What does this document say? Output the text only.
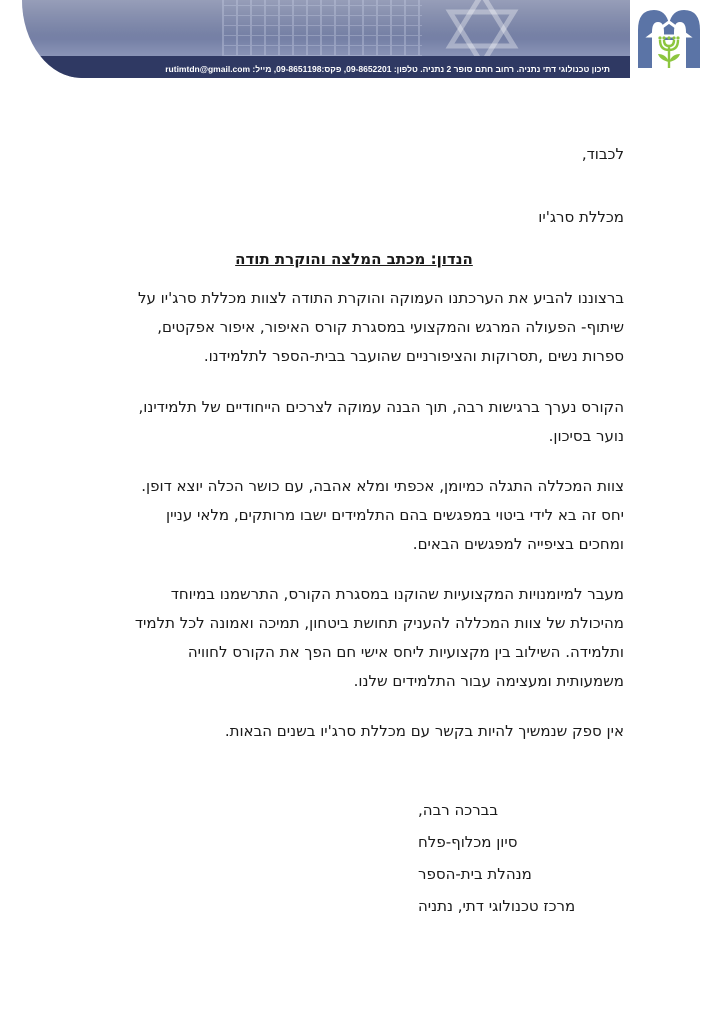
תיכון טכנולוגי דתי נתניה. רחוב חתם סופר 2 נתניה. טלפון: 09-8652201, פקס:09-8651198, מייל: rutimtdn@gmail.com
לכבוד,
מכללת סרג'יו
הנדון: מכתב המלצה והוקרת תודה
ברצוננו להביע את הערכתנו העמוקה והוקרת התודה לצוות מכללת סרג'יו על
שיתוף- הפעולה המרגש והמקצועי במסגרת קורס האיפור, איפור אפקטים,
ספרות נשים ,תסרוקות והציפורניים שהועבר בבית-הספר לתלמידנו.
הקורס נערך ברגישות רבה, תוך הבנה עמוקה לצרכים הייחודיים של תלמידינו,
נוער בסיכון.
צוות המכללה התגלה כמיומן, אכפתי ומלא אהבה, עם כושר הכלה יוצא דופן.
יחס זה בא לידי ביטוי במפגשים בהם התלמידים ישבו מרותקים, מלאי עניין
ומחכים בציפייה למפגשים הבאים.
מעבר למיומנויות המקצועיות שהוקנו במסגרת הקורס, התרשמנו במיוחד
מהיכולת של צוות המכללה להעניק תחושת ביטחון, תמיכה ואמונה לכל תלמיד
ותלמידה. השילוב בין מקצועיות ליחס אישי חם הפך את הקורס לחוויה
משמעותית ומעצימה עבור התלמידים שלנו.
אין ספק שנמשיך להיות בקשר עם מכללת סרג'יו בשנים הבאות.
בברכה רבה,
סיון מכלוף-פלח
מנהלת בית-הספר
מרכז טכנולוגי דתי, נתניה
